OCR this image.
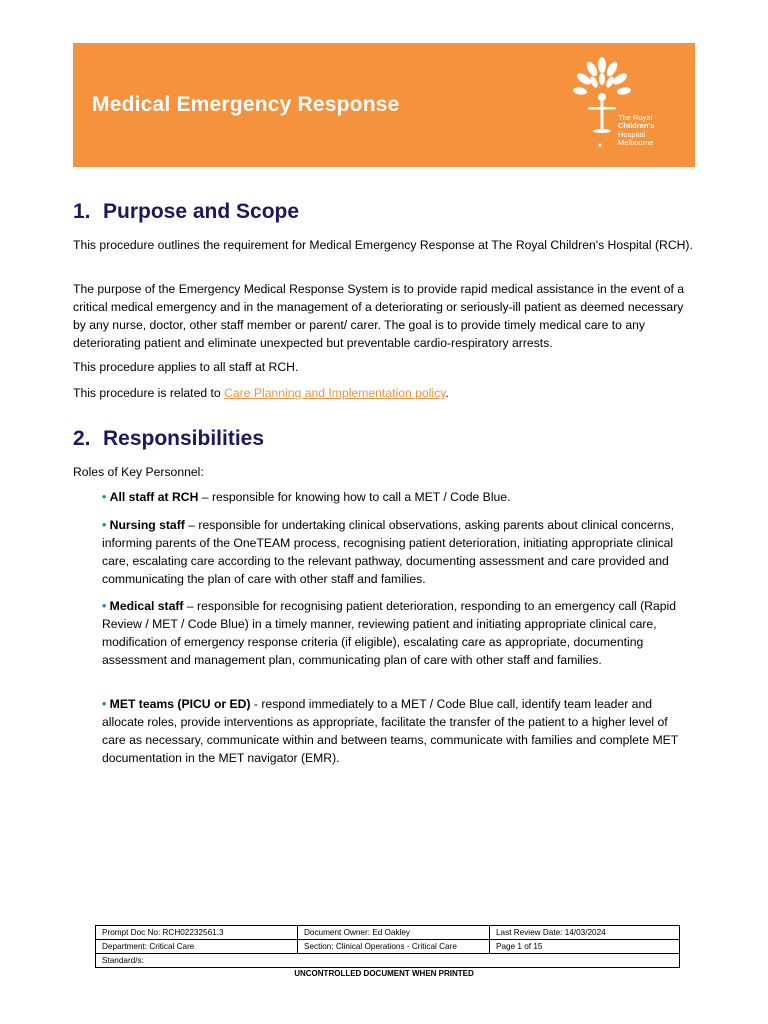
Medical Emergency Response
The Royal
Children's
Hospital
Melbourne
1. Purpose and Scope

This procedure outlines the requirement for Medical Emergency Response at The Royal Children's Hospital (RCH).

The purpose of the Emergency Medical Response System is to provide rapid medical assistance in the event of a critical medical emergency and in the management of a deteriorating or seriously-ill patient as deemed necessary by any nurse, doctor, other staff member or parent/ carer. The goal is to provide timely medical care to any deteriorating patient and eliminate unexpected but preventable cardio-respiratory arrests.

This procedure applies to all staff at RCH.

This procedure is related to Care Planning and Implementation policy.

2. Responsibilities

Roles of Key Personnel:

• All staff at RCH – responsible for knowing how to call a MET / Code Blue.

• Nursing staff – responsible for undertaking clinical observations, asking parents about clinical concerns, informing parents of the OneTEAM process, recognising patient deterioration, initiating appropriate clinical care, escalating care according to the relevant pathway, documenting assessment and care provided and communicating the plan of care with other staff and families.

• Medical staff – responsible for recognising patient deterioration, responding to an emergency call (Rapid Review / MET / Code Blue) in a timely manner, reviewing patient and initiating appropriate clinical care, modification of emergency response criteria (if eligible), escalating care as appropriate, documenting assessment and management plan, communicating plan of care with other staff and families.

• MET teams (PICU or ED) - respond immediately to a MET / Code Blue call, identify team leader and allocate roles, provide interventions as appropriate, facilitate the transfer of the patient to a higher level of care as necessary, communicate within and between teams, communicate with families and complete MET documentation in the MET navigator (EMR).

Prompt Doc No: RCH02232561.3	Document Owner: Ed Oakley	Last Review Date: 14/03/2024
Department: Critical Care	Section: Clinical Operations - Critical Care	Page 1 of 15
Standard/s:		
UNCONTROLLED DOCUMENT WHEN PRINTED
